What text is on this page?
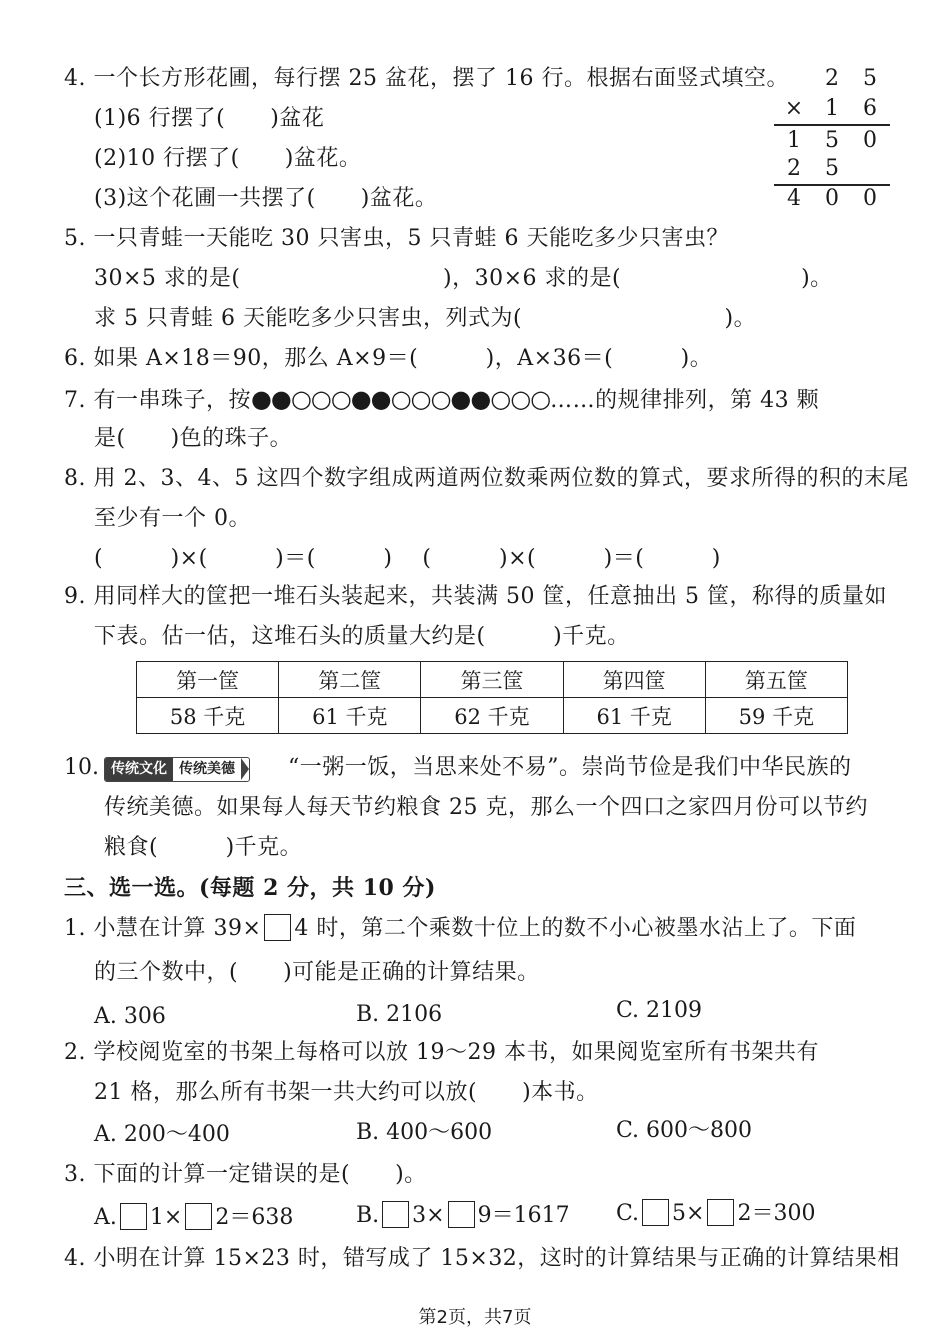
4. 一个长方形花圃，每行摆 25 盆花，摆了 16 行。根据右面竖式填空。
(1)6 行摆了(　　)盆花
(2)10 行摆了(　　)盆花。
(3)这个花圃一共摆了(　　)盆花。
2 5
× 1 6
1 5 0
2 5
4 0 0
5. 一只青蛙一天能吃 30 只害虫，5 只青蛙 6 天能吃多少只害虫？
30×5 求的是(　　　　　　　　　)，30×6 求的是(　　　　　　　　)。
求 5 只青蛙 6 天能吃多少只害虫，列式为(　　　　　　　　　)。
6. 如果 A×18＝90，那么 A×9＝(　　　)，A×36＝(　　　)。
7. 有一串珠子，按●●○○○●●○○○●●○○○……的规律排列，第 43 颗
是(　　)色的珠子。
8. 用 2、3、4、5 这四个数字组成两道两位数乘两位数的算式，要求所得的积的末尾
至少有一个 0。
(　　　)×(　　　)＝(　　　)　 (　　　)×(　　　)＝(　　　)
9. 用同样大的筐把一堆石头装起来，共装满 50 筐，任意抽出 5 筐，称得的质量如
下表。估一估，这堆石头的质量大约是(　　　)千克。
第一筐	第二筐	第三筐	第四筐	第五筐
58 千克	61 千克	62 千克	61 千克	59 千克
10. 传统文化 传统美德 “一粥一饭，当思来处不易”。崇尚节俭是我们中华民族的
传统美德。如果每人每天节约粮食 25 克，那么一个四口之家四月份可以节约
粮食(　　　)千克。
三、选一选。(每题 2 分，共 10 分)
1. 小慧在计算 39× 4 时，第二个乘数十位上的数不小心被墨水沾上了。下面
的三个数中，(　　)可能是正确的计算结果。
A. 306	B. 2106	C. 2109
2. 学校阅览室的书架上每格可以放 19～29 本书，如果阅览室所有书架共有
21 格，那么所有书架一共大约可以放(　　)本书。
A. 200～400	B. 400～600	C. 600～800
3. 下面的计算一定错误的是(　　)。
A. 1× 2＝638	B. 3× 9＝1617 C. 5× 2＝300
4. 小明在计算 15×23 时，错写成了 15×32，这时的计算结果与正确的计算结果相
第2页，共7页
